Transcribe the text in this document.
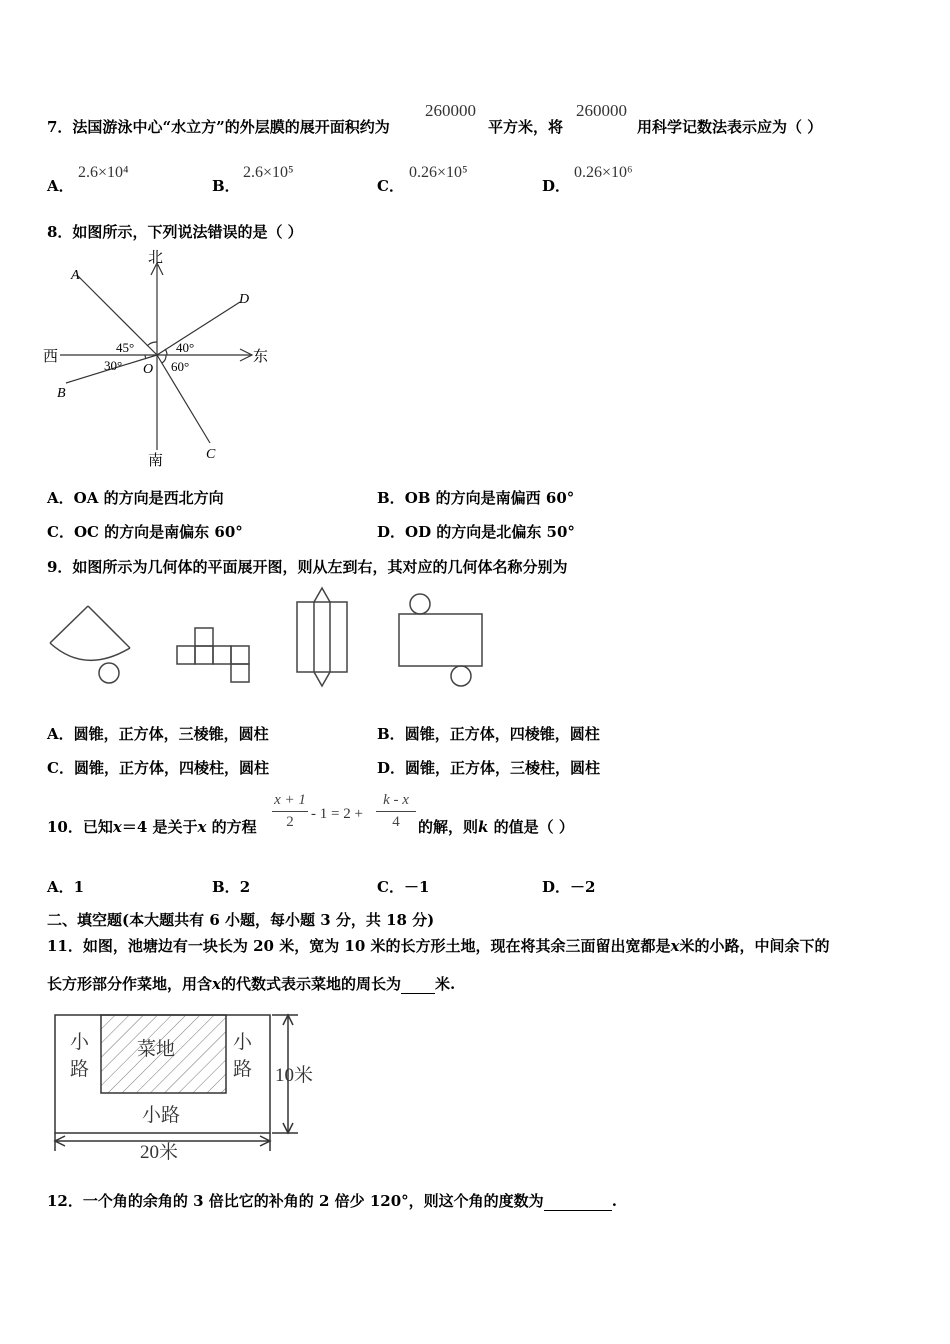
7．法国游泳中心“水立方”的外层膜的展开面积约为
260000
平方米，将
260000
用科学记数法表示应为（ ）
A．
2.6×10⁴
B．
2.6×10⁵
C．
0.26×10⁵
D．
0.26×10⁶
8．如图所示，下列说法错误的是（ ）
北
南
西	东
A
D
B
C
O
45°	40°
30°	60°
A．OA 的方向是西北方向	B．OB 的方向是南偏西 60°
C．OC 的方向是南偏东 60°	D．OD 的方向是北偏东 50°
9．如图所示为几何体的平面展开图，则从左到右，其对应的几何体名称分别为
A．圆锥，正方体，三棱锥，圆柱	B．圆锥，正方体，四棱锥，圆柱
C．圆锥，正方体，四棱柱，圆柱	D．圆锥，正方体，三棱柱，圆柱
10．已知x＝4 是关于x 的方程
x + 1
2	- 1 = 2 +
k - x
4	的解，则k 的值是（ ）
A．1	B．2	C．－1	D．－2
二、填空题(本大题共有 6 小题，每小题 3 分，共 18 分)
11．如图，池塘边有一块长为 20 米，宽为 10 米的长方形土地，现在将其余三面留出宽都是x米的小路，中间余下的
长方形部分作菜地，用含x的代数式表示菜地的周长为 米.
小
路
小
路
菜地
小路
10米
20米
12．一个角的余角的 3 倍比它的补角的 2 倍少 120°，则这个角的度数为	.
